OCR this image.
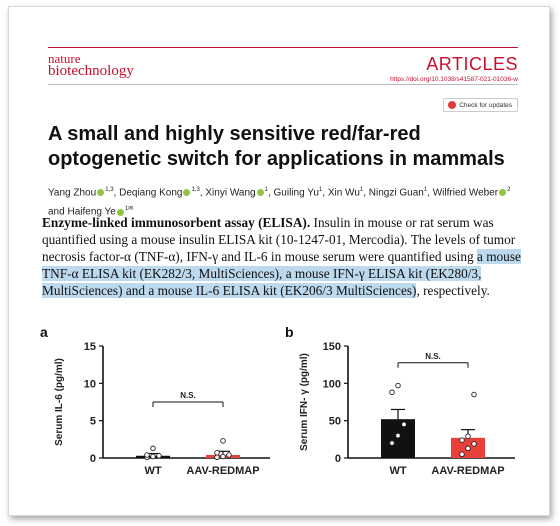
nature
biotechnology	ARTICLES
https://doi.org/10.1038/s41587-021-01036-w
Check for updates
A small and highly sensitive red/far-red optogenetic switch for applications in mammals
Yang Zhou $^{1,3}$, Deqiang Kong $^{1,3}$, Xinyi Wang $^1$, Guiling Yu$^1$, Xin Wu$^1$, Ningzi Guan$^1$, Wilfried Weber $^2$ and Haifeng Ye $^{1✉}$
Enzyme-linked immunosorbent assay (ELISA). Insulin in mouse or rat serum was quantified using a mouse insulin ELISA kit (10-1247-01, Mercodia). The levels of tumor necrosis factor-α (TNF-α), IFN-γ and IL-6 in mouse serum were quantified using a mouse TNF-α ELISA kit (EK282/3, MultiSciences), a mouse IFN-γ ELISA kit (EK280/3, MultiSciences) and a mouse IL-6 ELISA kit (EK206/3 MultiSciences), respectively.
a	b
0
5
10
15
Serum IL-6 (pg/ml)
WT AAV-REDMAP
N.S.
0
50
100
150
Serum IFN- γ (pg/ml)
WT AAV-REDMAP
N.S.
